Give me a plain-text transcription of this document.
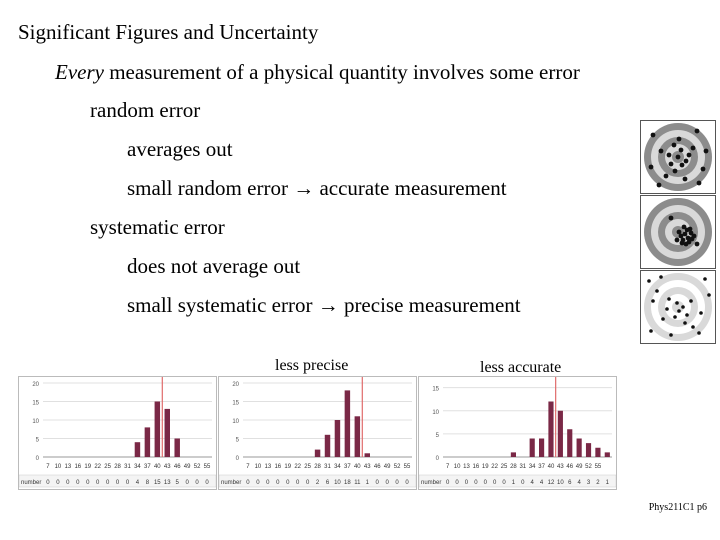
Significant Figures and Uncertainty
Every measurement of a physical quantity involves some error
random error
averages out
small random error → accurate measurement
systematic error
does not average out
small systematic error → precise measurement
less precise	less accurate
0
5
10
15
20
7 10 13 16 19 22 25 28 31 34 37 40 43 46 49 52 55
number 0 0 0 0 0 0 0 0 0 4 8 15 13 5 0 0 0
0
5
10
15
20
7 10 13 16 19 22 25 28 31 34 37 40 43 46 49 52 55
number 0 0 0 0 0 0 0 2 6 10 18 11 1 0 0 0 0
0
5
10
15
7 10 13 16 19 22 25 28 31 34 37 40 43 46 49 52 55
number 0 0 0 0 0 0 0 1 0 4 4 12 10 6 4 3 2 1
Phys211C1 p6
